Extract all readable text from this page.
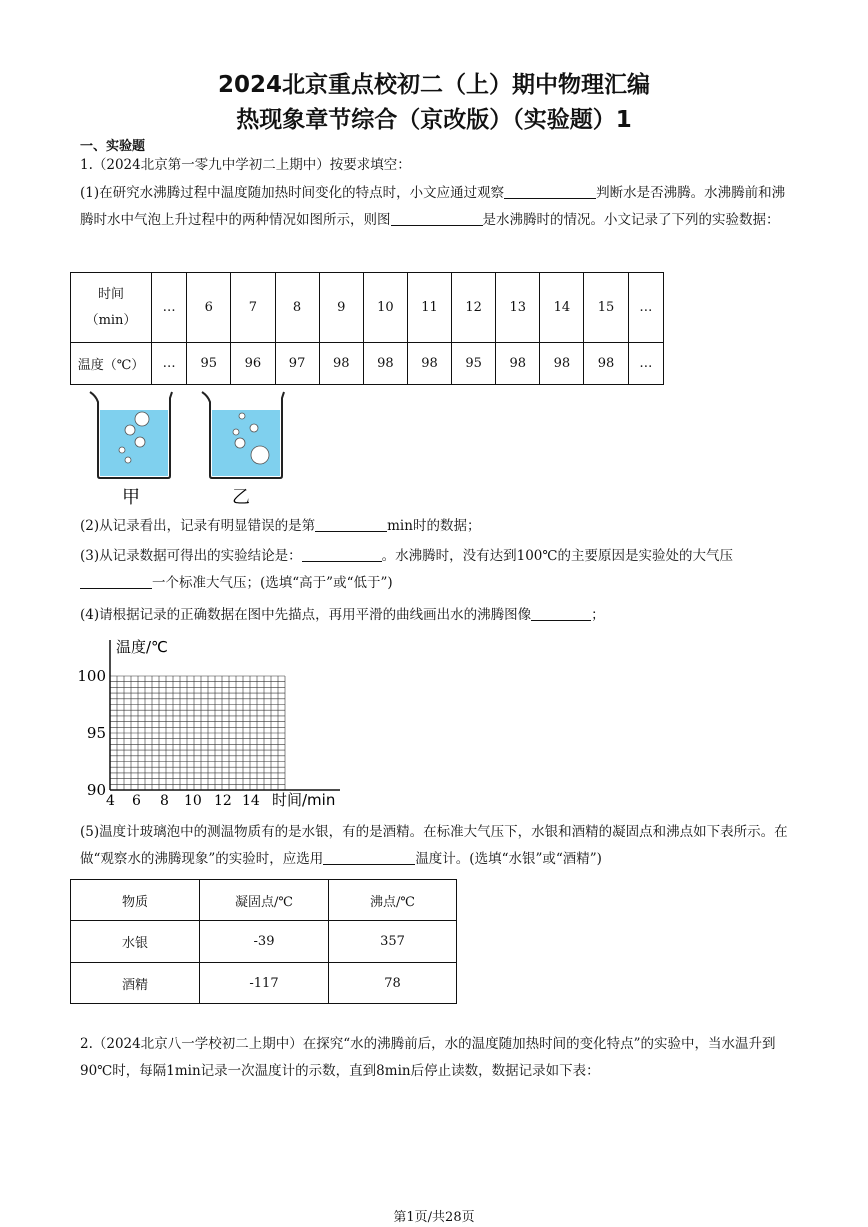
2024北京重点校初二（上）期中物理汇编
热现象章节综合（京改版）（实验题）1
一、实验题

1.（2024北京第一零九中学初二上期中）按要求填空：

(1)在研究水沸腾过程中温度随加热时间变化的特点时，小文应通过观察	判断水是否沸腾。水沸腾前和沸腾时水中气泡上升过程中的两种情况如图所示，则图	是水沸腾时的情况。小文记录了下列的实验数据：

时间
（min）	…	6	7	8	9	10	11	12	13	14	15	…
温度（℃）	…	95	96	97	98	98	98	95	98	98	98	…
甲	乙

(2)从记录看出，记录有明显错误的是第	min时的数据；

(3)从记录数据可得出的实验结论是：	。水沸腾时，没有达到100℃的主要原因是实验处的大气压一个标准大气压；(选填“高于”或“低于”)

(4)请根据记录的正确数据在图中先描点，再用平滑的曲线画出水的沸腾图像	；

温度/℃
100
95
90
4 6 8 10 12 14 时间/min

(5)温度计玻璃泡中的测温物质有的是水银，有的是酒精。在标准大气压下，水银和酒精的凝固点和沸点如下表所示。在做“观察水的沸腾现象”的实验时，应选用	温度计。(选填“水银”或“酒精”)

物质	凝固点/℃	沸点/℃
水银	-39	357
酒精	-117	78

2.（2024北京八一学校初二上期中）在探究“水的沸腾前后，水的温度随加热时间的变化特点”的实验中，当水温升到90℃时，每隔1min记录一次温度计的示数，直到8min后停止读数，数据记录如下表：

第1页/共28页
